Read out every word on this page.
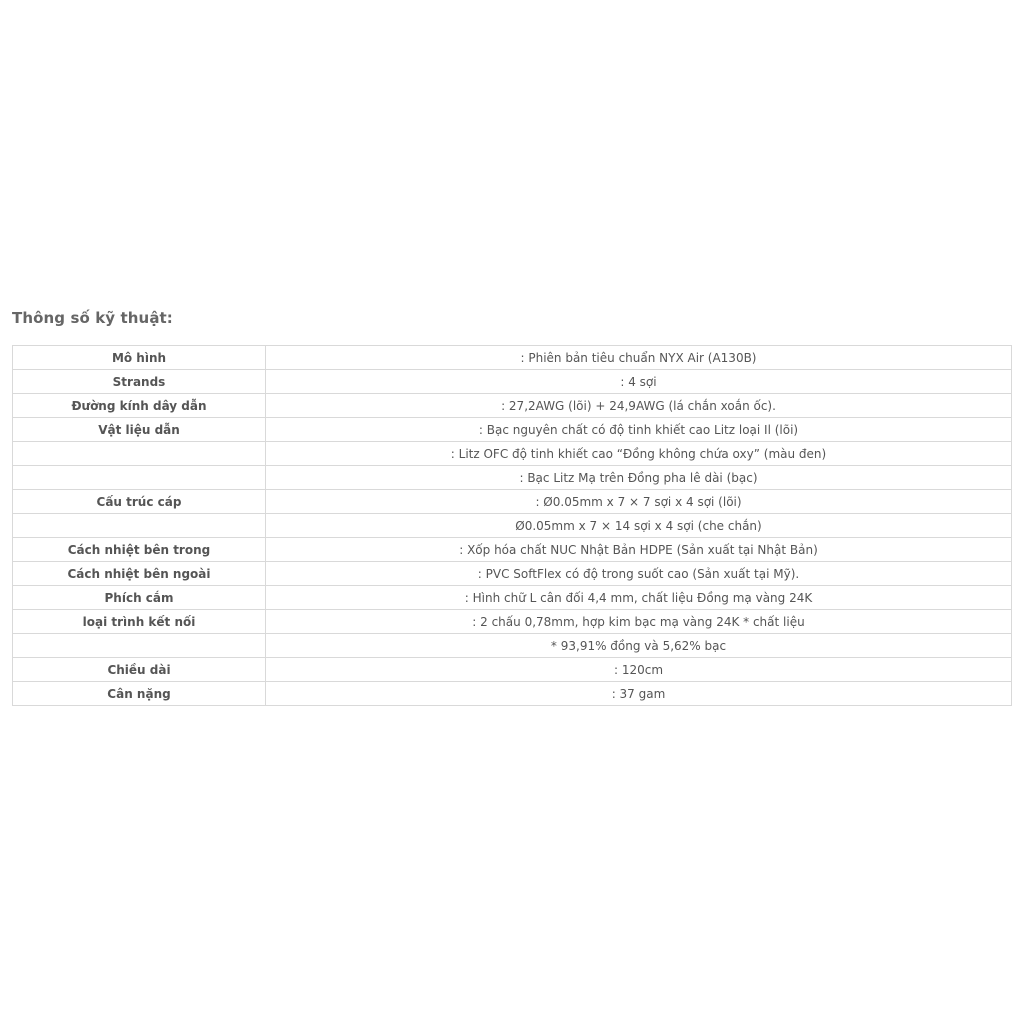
Thông số kỹ thuật:
Mô hình	: Phiên bản tiêu chuẩn NYX Air (A130B)
Strands	: 4 sợi
Đường kính dây dẫn	: 27,2AWG (lõi) + 24,9AWG (lá chắn xoắn ốc).
Vật liệu dẫn	: Bạc nguyên chất có độ tinh khiết cao Litz loại Il (lõi)
	: Litz OFC độ tinh khiết cao “Đồng không chứa oxy” (màu đen)
	: Bạc Litz Mạ trên Đồng pha lê dài (bạc)
Cấu trúc cáp	: Ø0.05mm x 7 × 7 sợi x 4 sợi (lõi)
	Ø0.05mm x 7 × 14 sợi x 4 sợi (che chắn)
Cách nhiệt bên trong	: Xốp hóa chất NUC Nhật Bản HDPE (Sản xuất tại Nhật Bản)
Cách nhiệt bên ngoài	: PVC SoftFlex có độ trong suốt cao (Sản xuất tại Mỹ).
Phích cắm	: Hình chữ L cân đối 4,4 mm, chất liệu Đồng mạ vàng 24K
loại trình kết nối	: 2 chấu 0,78mm, hợp kim bạc mạ vàng 24K * chất liệu
	* 93,91% đồng và 5,62% bạc
Chiều dài	: 120cm
Cân nặng	: 37 gam
